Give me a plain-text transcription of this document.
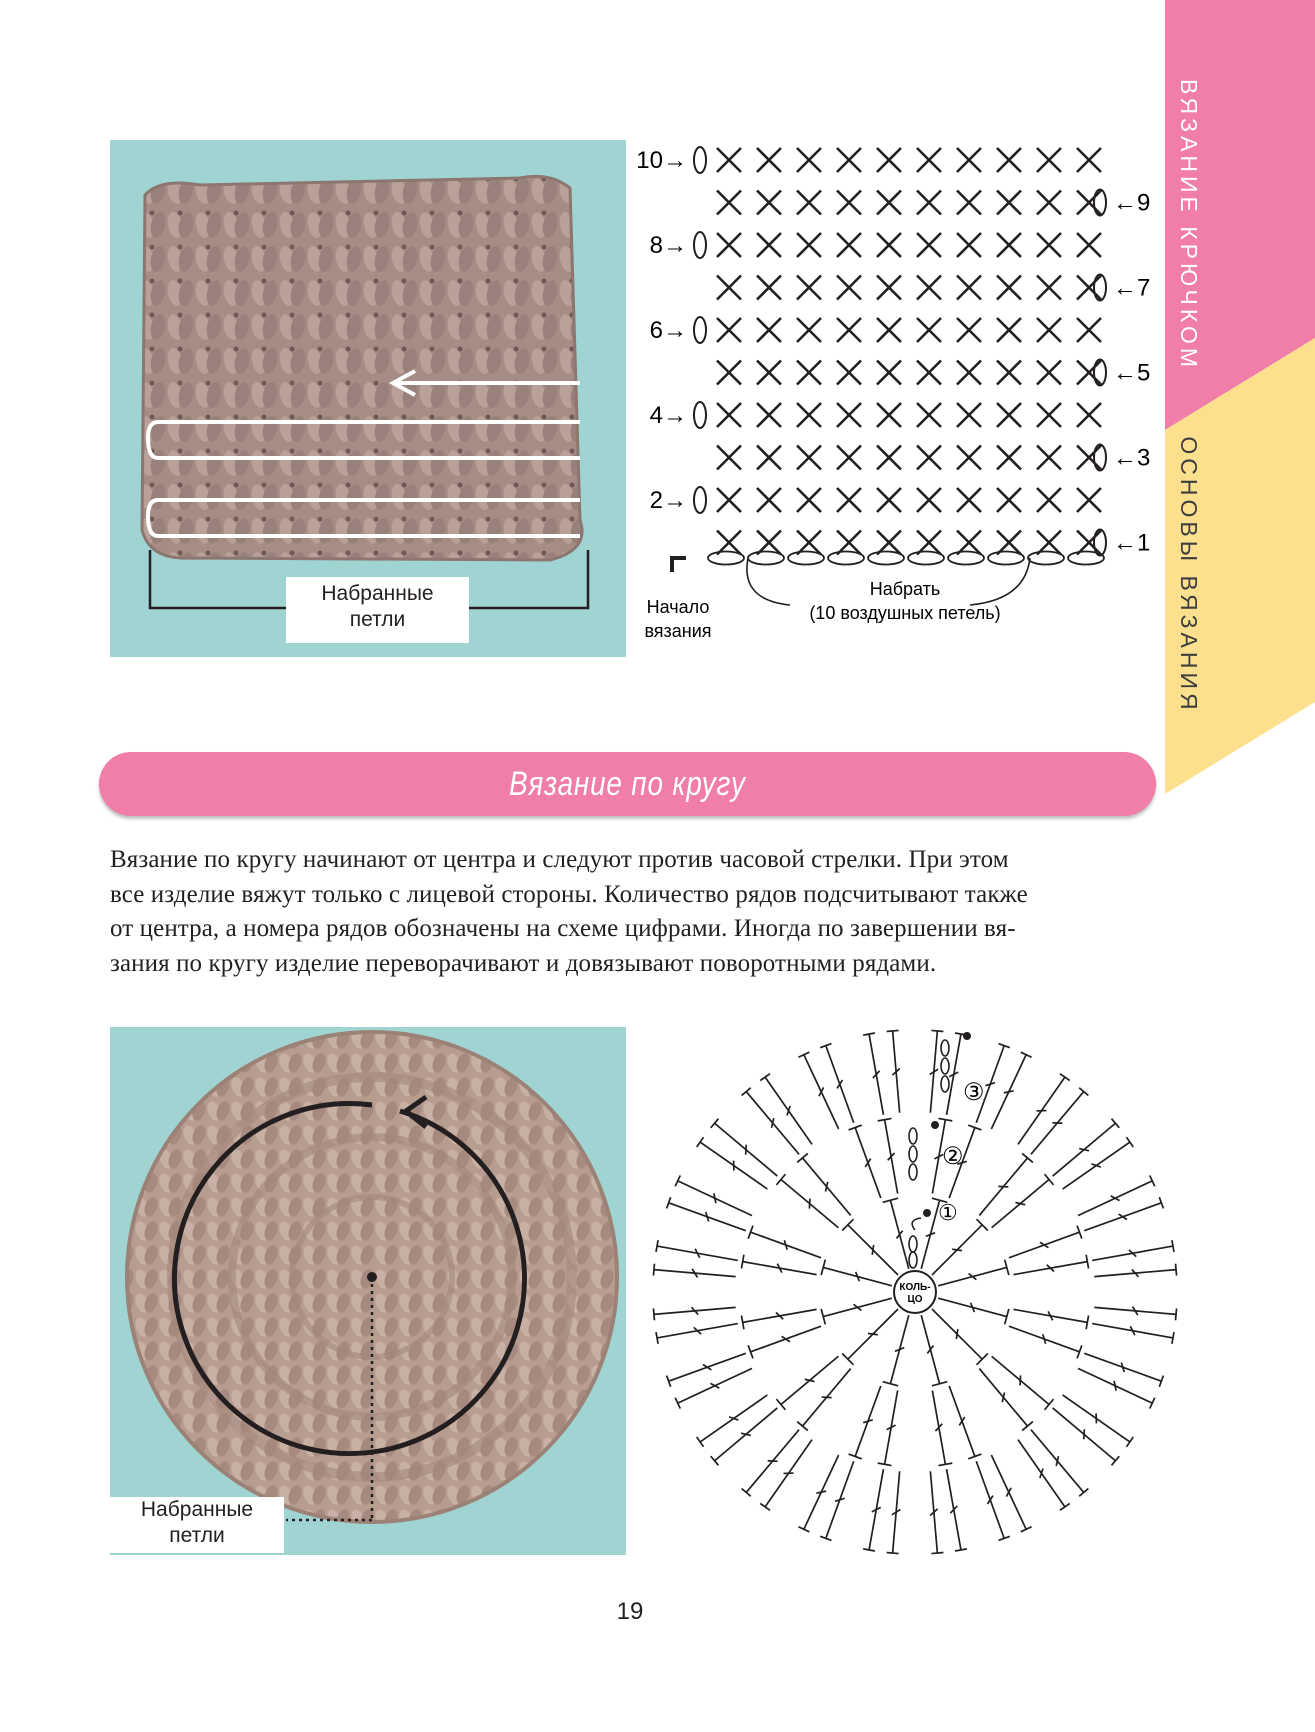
ВЯЗАНИЕ КРЮЧКОМ
ОСНОВЫ ВЯЗАНИЯ
Набранные
петли
10→
←9
8→
←7
6→
←5
4→
←3
2→
←1
Начало
вязания
Набрать
(10 воздушных петель)
Вязание по кругу
Вязание по кругу начинают от центра и следуют против часовой стрелки. При этом
все изделие вяжут только с лицевой стороны. Количество рядов подсчитывают также
от центра, а номера рядов обозначены на схеме цифрами. Иногда по завершении вя-
зания по кругу изделие переворачивают и довязывают поворотными рядами.
Набранные
петли
КОЛЬ-
ЦО
①
②
③
19
